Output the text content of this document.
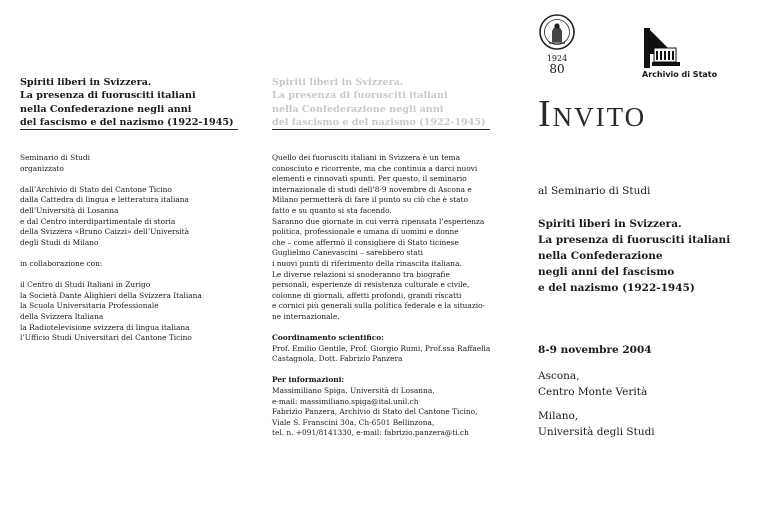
Spiriti liberi in Svizzera.
La presenza di fuorusciti italiani
nella Confederazione negli anni
del fascismo e del nazismo (1922-1945)
Seminario di Studi
organizzato
dall’Archivio di Stato del Cantone Ticino
dalla Cattedra di lingua e letteratura italiana
dell’Università di Losanna
e dal Centro interdipartimentale di storia
della Svizzera «Bruno Caizzi» dell’Università
degli Studi di Milano
in collaborazione con:
il Centro di Studi Italiani in Zurigo
la Società Dante Alighieri della Svizzera Italiana
la Scuola Universitaria Professionale
della Svizzera Italiana
la Radiotelevisione svizzera di lingua italiana
l’Ufficio Studi Universitari del Cantone Ticino
Spiriti liberi in Svizzera.
La presenza di fuorusciti italiani
nella Confederazione negli anni
del fascismo e del nazismo (1922-1945)
Quello dei fuorusciti italiani in Svizzera è un tema
conosciuto e ricorrente, ma che continua a darci nuovi
elementi e rinnovati spunti. Per questo, il seminario
internazionale di studi dell’8-9 novembre di Ascona e
Milano permetterà di fare il punto su ciò che è stato
fatto e su quanto si sta facendo.
Saranno due giornate in cui verrà ripensata l’esperienza
politica, professionale e umana di uomini e donne
che – come affermò il consigliere di Stato ticinese
Guglielmo Canevascini – sarebbero stati
i nuovi punti di riferimento della rinascita italiana.
Le diverse relazioni si snoderanno tra biografie
personali, esperienze di resistenza culturale e civile,
colonne di giornali, affetti profondi, grandi riscatti
e cornici più generali sulla politica federale e la situazio-
ne internazionale.
Coordinamento scientifico:
Prof. Emilio Gentile, Prof. Giorgio Rumi, Prof.ssa Raffaella
Castagnola, Dott. Fabrizio Panzera
Per informazioni:
Massimiliano Spiga, Università di Losanna,
e-mail: massimiliano.spiga@ital.unil.ch
Fabrizio Panzera, Archivio di Stato del Cantone Ticino,
Viale S. Franscini 30a, Ch-6501 Bellinzona,
tel. n. +091/8141330, e-mail: fabrizio.panzera@ti.ch
1924
80	Archivio di Stato
Invito
al Seminario di Studi
Spiriti liberi in Svizzera.
La presenza di fuorusciti italiani
nella Confederazione
negli anni del fascismo
e del nazismo (1922-1945)
8-9 novembre 2004
Ascona,
Centro Monte Verità
Milano,
Università degli Studi
